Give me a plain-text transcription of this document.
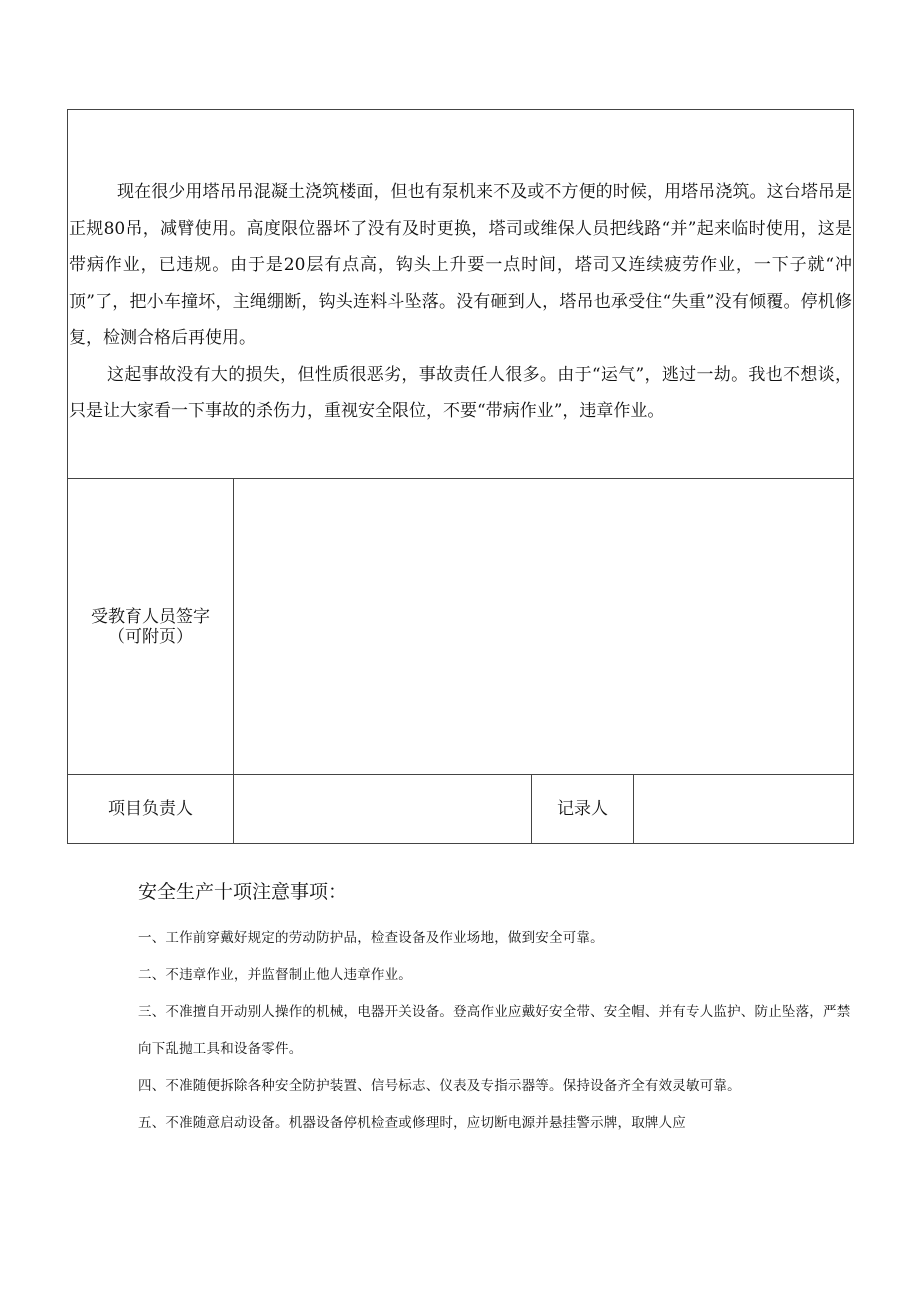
现在很少用塔吊吊混凝土浇筑楼面，但也有泵机来不及或不方便的时候，用塔吊浇筑。这台塔吊是正规80吊，减臂使用。高度限位器坏了没有及时更换，塔司或维保人员把线路“并”起来临时使用，这是带病作业，已违规。由于是20层有点高，钩头上升要一点时间，塔司又连续疲劳作业，一下子就“冲顶”了，把小车撞坏，主绳绷断，钩头连料斗坠落。没有砸到人，塔吊也承受住“失重”没有倾覆。停机修复，检测合格后再使用。

这起事故没有大的损失，但性质很恶劣，事故责任人很多。由于“运气”，逃过一劫。我也不想谈，只是让大家看一下事故的杀伤力，重视安全限位，不要“带病作业”，违章作业。			

受教育人员签字
（可附页）			

项目负责人		记录人	
安全生产十项注意事项：

一、工作前穿戴好规定的劳动防护品，检查设备及作业场地，做到安全可靠。

二、不违章作业，并监督制止他人违章作业。

三、不准擅自开动别人操作的机械，电器开关设备。登高作业应戴好安全带、安全帽、并有专人监护、防止坠落，严禁向下乱抛工具和设备零件。

四、不准随便拆除各种安全防护装置、信号标志、仪表及专指示器等。保持设备齐全有效灵敏可靠。

五、不准随意启动设备。机器设备停机检查或修理时，应切断电源并悬挂警示牌，取牌人应
